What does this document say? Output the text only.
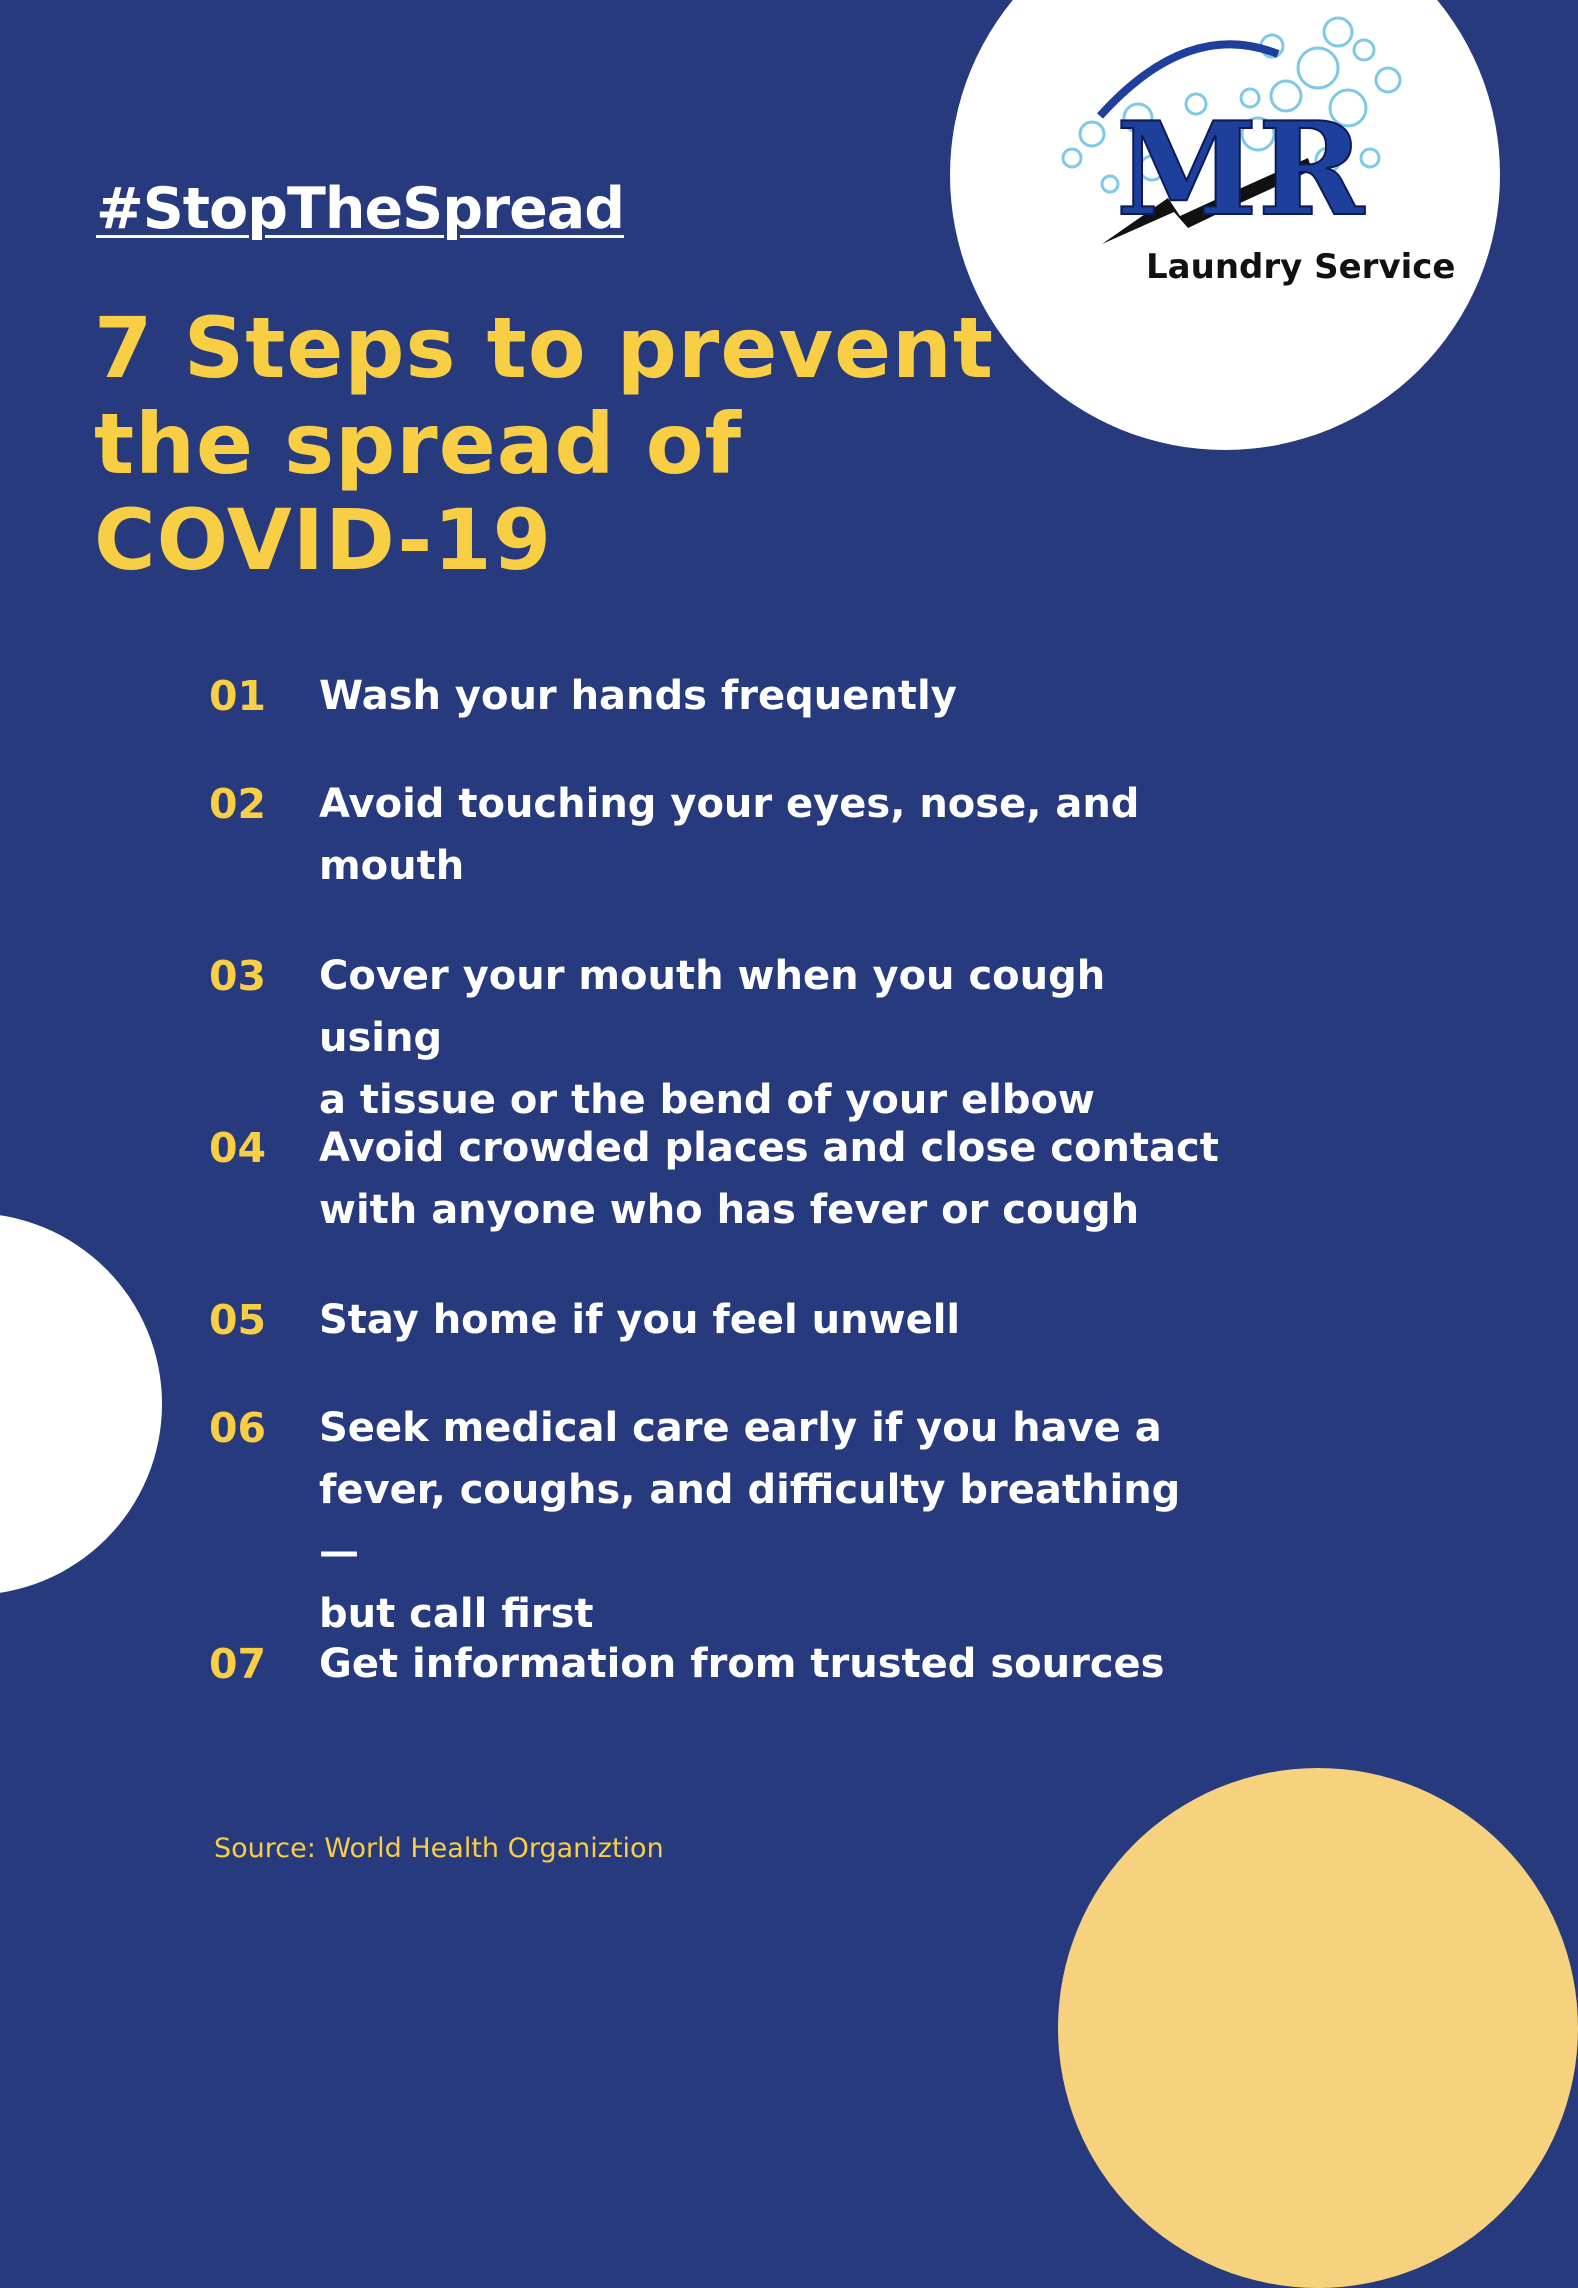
MR
Laundry Service
#StopTheSpread
7 Steps to prevent
the spread of
COVID-19
01 Wash your hands frequently
02 Avoid touching your eyes, nose, and
mouth
03 Cover your mouth when you cough using
a tissue or the bend of your elbow
04 Avoid crowded places and close contact
with anyone who has fever or cough
05 Stay home if you feel unwell
06 Seek medical care early if you have a
fever, coughs, and difficulty breathing—
but call first
07 Get information from trusted sources
Source: World Health Organiztion
